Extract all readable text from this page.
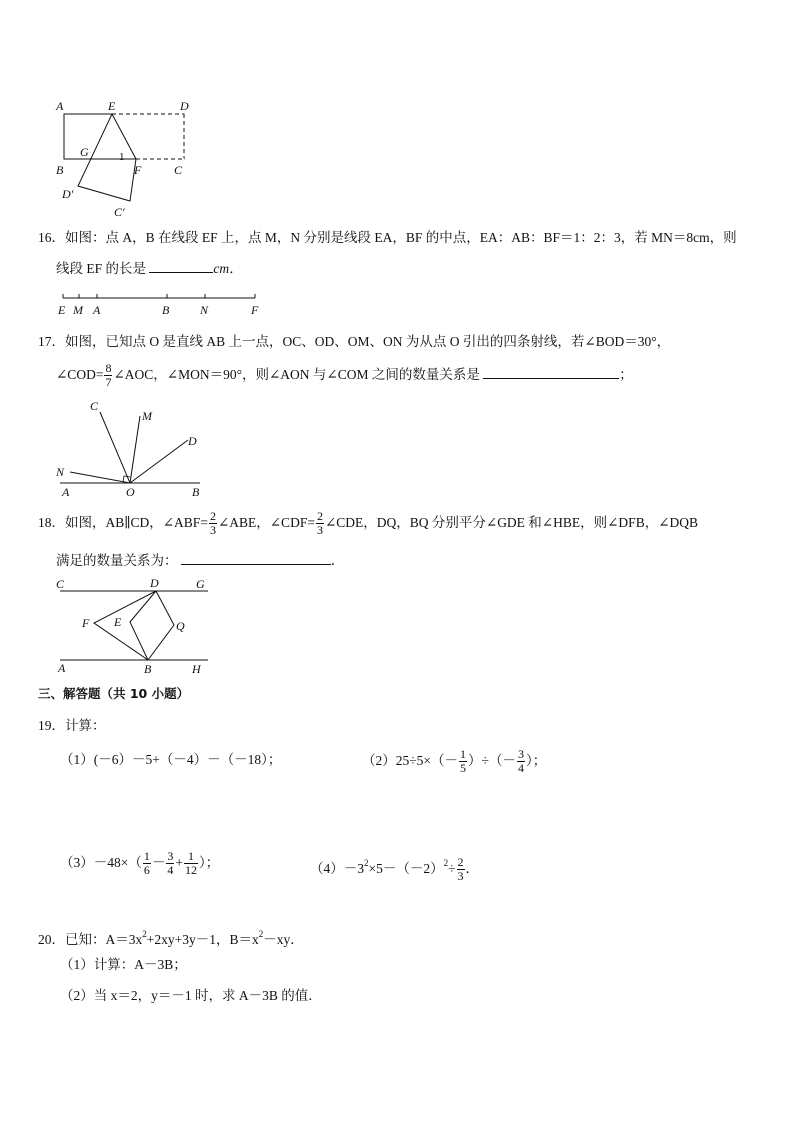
A	E	D
B
G	1
F	C
D′
C′
16．如图：点 A，B 在线段 EF 上，点 M，N 分别是线段 EA，BF 的中点，EA：AB：BF＝1：2：3，若 MN＝8cm，则
线段 EF 的长是	cm．
E M A	B	N	F
17．如图，已知点 O 是直线 AB 上一点，OC、OD、OM、ON 为从点 O 引出的四条射线，若∠BOD＝30°，
∠COD= $\frac{8}{7}$ ∠AOC，∠MON＝90°，则∠AON 与∠COM 之间的数量关系是	；
C
M
D
N
A	O	B
18．如图，AB∥CD，∠ABF= $\frac{2}{3}$ ∠ABE，∠CDF= $\frac{2}{3}$ ∠CDE，DQ，BQ 分别平分∠GDE 和∠HBE，则∠DFB，∠DQB
满足的数量关系为：	．
C	D	G
F E	Q
A	B	H
三、解答题（共 10 小题）
19．计算：
（1）(－6）－5+（－4）－（－18）；	$(2)25\div 5\times(- \frac{1}{5}$ ）÷（－ $\frac{3}{4}$ ）；
$(3)-48\times( \frac{1}{6} - \frac{3}{4} + \frac{1}{12}$ ）；	$(4)-3^2\times 5-(-2)^2\div \frac{2}{3}$ ．
20．已知：$A=3x^2+2xy+3y-1$，$B=x^2-xy$．
（1）计算：A－3B；
（2）当 x＝2，y＝－1 时，求 A－3B 的值．
